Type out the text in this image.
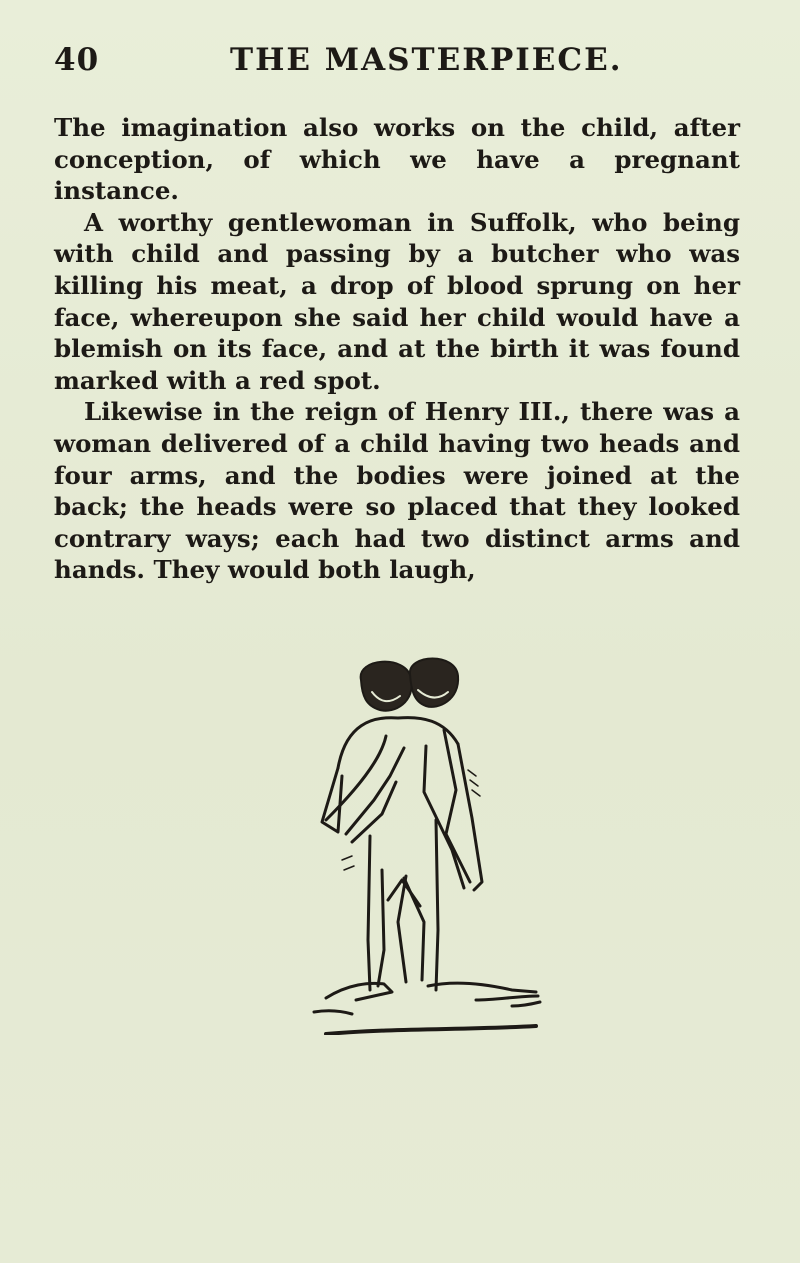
40	THE MASTERPIECE.

The imagination also works on the child, after conception, of which we have a pregnant instance.

A worthy gentlewoman in Suffolk, who being with child and passing by a butcher who was killing his meat, a drop of blood sprung on her face, whereupon she said her child would have a blemish on its face, and at the birth it was found marked with a red spot.

Likewise in the reign of Henry III., there was a woman delivered of a child having two heads and four arms, and the bodies were joined at the back; the heads were so placed that they looked contrary ways; each had two distinct arms and hands. They would both laugh,
